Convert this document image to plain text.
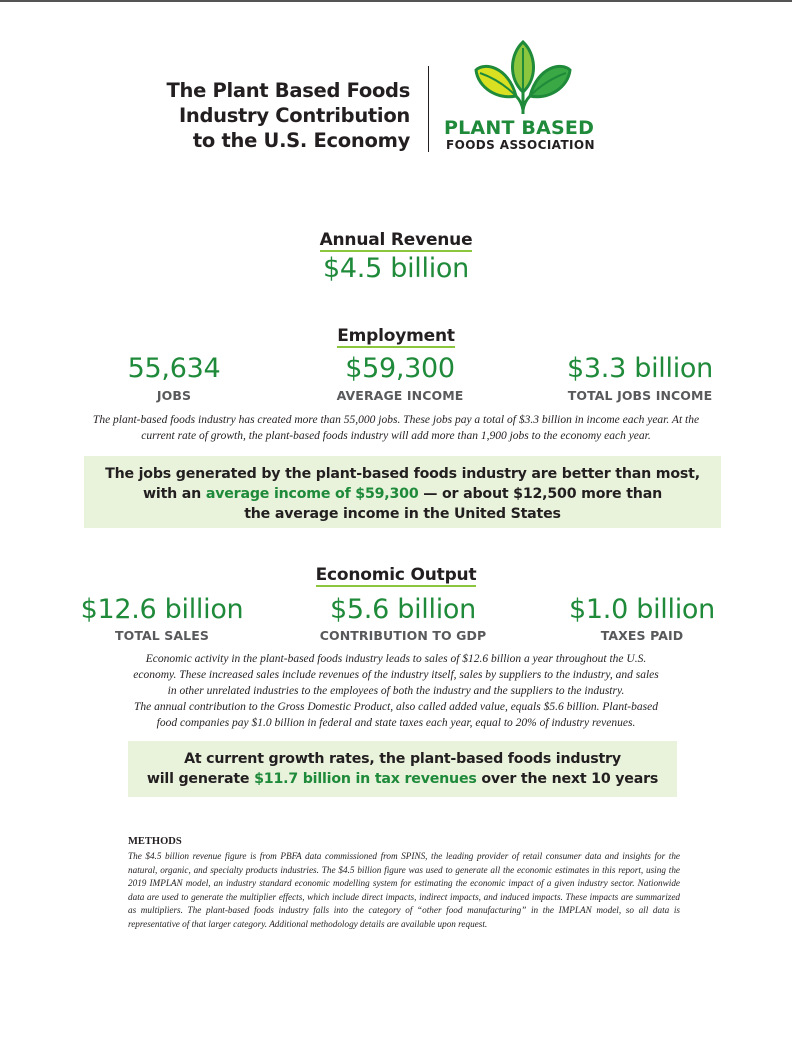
The Plant Based Foods
Industry Contribution
to the U.S. Economy
PLANT BASED
FOODS ASSOCIATION
Annual Revenue
$4.5 billion
Employment
55,634
JOBS
$59,300
AVERAGE INCOME
$3.3 billion
TOTAL JOBS INCOME
The plant-based foods industry has created more than 55,000 jobs. These jobs pay a total of $3.3 billion in income each year. At the
current rate of growth, the plant-based foods industry will add more than 1,900 jobs to the economy each year.
The jobs generated by the plant-based foods industry are better than most,
with an average income of $59,300 — or about $12,500 more than
the average income in the United States
Economic Output
$12.6 billion
TOTAL SALES
$5.6 billion
CONTRIBUTION TO GDP
$1.0 billion
TAXES PAID
Economic activity in the plant-based foods industry leads to sales of $12.6 billion a year throughout the U.S.
economy. These increased sales include revenues of the industry itself, sales by suppliers to the industry, and sales
in other unrelated industries to the employees of both the industry and the suppliers to the industry.
The annual contribution to the Gross Domestic Product, also called added value, equals $5.6 billion. Plant-based
food companies pay $1.0 billion in federal and state taxes each year, equal to 20% of industry revenues.
At current growth rates, the plant-based foods industry
will generate $11.7 billion in tax revenues over the next 10 years
METHODS

The $4.5 billion revenue figure is from PBFA data commissioned from SPINS, the leading provider of retail consumer data and insights for the natural, organic, and specialty products industries. The $4.5 billion figure was used to generate all the economic estimates in this report, using the 2019 IMPLAN model, an industry standard economic modelling system for estimating the economic impact of a given industry sector. Nationwide data are used to generate the multiplier effects, which include direct impacts, indirect impacts, and induced impacts. These impacts are summarized as multipliers. The plant-based foods industry falls into the category of “other food manufacturing” in the IMPLAN model, so all data is representative of that larger category. Additional methodology details are available upon request.
